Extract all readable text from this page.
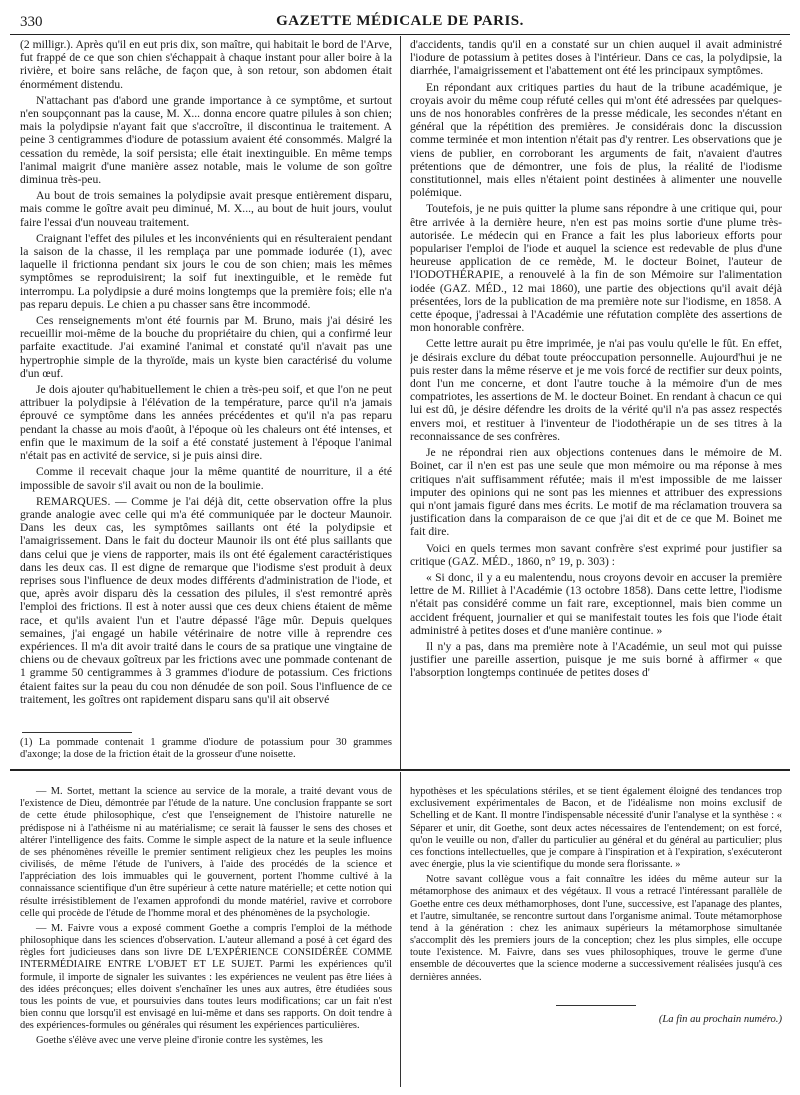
330	GAZETTE MÉDICALE DE PARIS.

(2 milligr.). Après qu'il en eut pris dix, son maître, qui habitait le bord de l'Arve, fut frappé de ce que son chien s'échappait à chaque instant pour aller boire à la rivière, et boire sans relâche, de façon que, à son retour, son abdomen était énormément distendu.

N'attachant pas d'abord une grande importance à ce symptôme, et surtout n'en soupçonnant pas la cause, M. X... donna encore quatre pilules à son chien; mais la polydipsie n'ayant fait que s'accroître, il discontinua le traitement. A peine 3 centigrammes d'iodure de potassium avaient été consommés. Malgré la cessation du remède, la soif persista; elle était inextinguible. En même temps l'animal maigrit d'une manière assez notable, mais le volume de son goître diminua très-peu.

Au bout de trois semaines la polydipsie avait presque entièrement disparu, mais comme le goître avait peu diminué, M. X..., au bout de huit jours, voulut faire l'essai d'un nouveau traitement.

Craignant l'effet des pilules et les inconvénients qui en résulteraient pendant la saison de la chasse, il les remplaça par une pommade iodurée (1), avec laquelle il frictionna pendant six jours le cou de son chien; mais les mêmes symptômes se reproduisirent; la soif fut inextinguible, et le remède fut interrompu. La polydipsie a duré moins longtemps que la première fois; elle n'a pas reparu depuis. Le chien a pu chasser sans être incommodé.

Ces renseignements m'ont été fournis par M. Bruno, mais j'ai désiré les recueillir moi-même de la bouche du propriétaire du chien, qui a confirmé leur parfaite exactitude. J'ai examiné l'animal et constaté qu'il n'avait pas une hypertrophie simple de la thyroïde, mais un kyste bien caractérisé du volume d'un œuf.

Je dois ajouter qu'habituellement le chien a très-peu soif, et que l'on ne peut attribuer la polydipsie à l'élévation de la température, parce qu'il n'a jamais éprouvé ce symptôme dans les années précédentes et qu'il n'a pas reparu pendant la chasse au mois d'août, à l'époque où les chaleurs ont été intenses, et enfin que le maximum de la soif a été constaté justement à l'époque l'animal n'était pas en activité de service, si je puis ainsi dire.

Comme il recevait chaque jour la même quantité de nourriture, il a été impossible de savoir s'il avait ou non de la boulimie.

REMARQUES. — Comme je l'ai déjà dit, cette observation offre la plus grande analogie avec celle qui m'a été communiquée par le docteur Maunoir. Dans les deux cas, les symptômes saillants ont été la polydipsie et l'amaigrissement. Dans le fait du docteur Maunoir ils ont été plus saillants que dans celui que je viens de rapporter, mais ils ont été également caractéristiques dans les deux cas. Il est digne de remarque que l'iodisme s'est produit à deux reprises sous l'influence de deux modes différents d'administration de l'iode, et que, après avoir disparu dès la cessation des pilules, il s'est remontré après l'emploi des frictions. Il est à noter aussi que ces deux chiens étaient de même race, et qu'ils avaient l'un et l'autre dépassé l'âge mûr. Depuis quelques semaines, j'ai engagé un habile vétérinaire de notre ville à reprendre ces expériences. Il m'a dit avoir traité dans le cours de sa pratique une vingtaine de chiens ou de chevaux goîtreux par les frictions avec une pommade contenant de 1 gramme 50 centigrammes à 3 grammes d'iodure de potassium. Ces frictions étaient faites sur la peau du cou non dénudée de son poil. Sous l'influence de ce traitement, les goîtres ont rapidement disparu sans qu'il ait observé

(1) La pommade contenait 1 gramme d'iodure de potassium pour 30 grammes d'axonge; la dose de la friction était de la grosseur d'une noisette.

d'accidents, tandis qu'il en a constaté sur un chien auquel il avait administré l'iodure de potassium à petites doses à l'intérieur. Dans ce cas, la polydipsie, la diarrhée, l'amaigrissement et l'abattement ont été les principaux symptômes.

En répondant aux critiques parties du haut de la tribune académique, je croyais avoir du même coup réfuté celles qui m'ont été adressées par quelques-uns de nos honorables confrères de la presse médicale, les secondes n'étant en général que la répétition des premières. Je considérais donc la discussion comme terminée et mon intention n'était pas d'y rentrer. Les observations que je viens de publier, en corroborant les arguments de fait, n'avaient d'autres prétentions que de démontrer, une fois de plus, la réalité de l'iodisme constitutionnel, mais elles n'étaient point destinées à alimenter une nouvelle polémique.

Toutefois, je ne puis quitter la plume sans répondre à une critique qui, pour être arrivée à la dernière heure, n'en est pas moins sortie d'une plume très-autorisée. Le médecin qui en France a fait les plus laborieux efforts pour populariser l'emploi de l'iode et auquel la science est redevable de plus d'une heureuse application de ce remède, M. le docteur Boinet, l'auteur de l'IODOTHÉRAPIE, a renouvelé à la fin de son Mémoire sur l'alimentation iodée (GAZ. MÉD., 12 mai 1860), une partie des objections qu'il avait déjà présentées, lors de la publication de ma première note sur l'iodisme, en 1858. A cette époque, j'adressai à l'Académie une réfutation complète des assertions de mon honorable confrère.

Cette lettre aurait pu être imprimée, je n'ai pas voulu qu'elle le fût. En effet, je désirais exclure du débat toute préoccupation personnelle. Aujourd'hui je ne puis rester dans la même réserve et je me vois forcé de rectifier sur deux points, dont l'un me concerne, et dont l'autre touche à la mémoire d'un de mes compatriotes, les assertions de M. le docteur Boinet. En rendant à chacun ce qui lui est dû, je désire défendre les droits de la vérité qu'il n'a pas assez respectés envers moi, et restituer à l'inventeur de l'iodothérapie un de ses titres à la reconnaissance de ses confrères.

Je ne répondrai rien aux objections contenues dans le mémoire de M. Boinet, car il n'en est pas une seule que mon mémoire ou ma réponse à mes critiques n'ait suffisamment réfutée; mais il m'est impossible de me laisser imputer des opinions qui ne sont pas les miennes et attribuer des expressions qui n'ont jamais figuré dans mes écrits. Le motif de ma réclamation trouvera sa justification dans la comparaison de ce que j'ai dit et de ce que M. Boinet me fait dire.

Voici en quels termes mon savant confrère s'est exprimé pour justifier sa critique (GAZ. MÉD., 1860, n° 19, p. 303) :

« Si donc, il y a eu malentendu, nous croyons devoir en accuser la première lettre de M. Rilliet à l'Académie (13 octobre 1858). Dans cette lettre, l'iodisme n'était pas considéré comme un fait rare, exceptionnel, mais bien comme un accident fréquent, journalier et qui se manifestait toutes les fois que l'iode était administré à petites doses et d'une manière continue. »

Il n'y a pas, dans ma première note à l'Académie, un seul mot qui puisse justifier une pareille assertion, puisque je me suis borné à affirmer « que l'absorption longtemps continuée de petites doses d'

— M. Sortet, mettant la science au service de la morale, a traité devant vous de l'existence de Dieu, démontrée par l'étude de la nature. Une conclusion frappante se sort de cette étude philosophique, c'est que l'enseignement de l'histoire naturelle ne prédispose ni à l'athéisme ni au matérialisme; ce serait là fausser le sens des choses et altérer l'intelligence des faits. Comme le simple aspect de la nature et la seule influence de ses phénomènes réveille le premier sentiment religieux chez les peuples les moins civilisés, de même l'étude de l'univers, à l'aide des procédés de la science et l'appréciation des lois immuables qui le gouvernent, portent l'homme cultivé à la connaissance scientifique d'un être supérieur à cette nature matérielle; et cette notion qui résulte irrésistiblement de l'examen approfondi du monde matériel, ravive et corrobore celle qui procède de l'étude de l'homme moral et des phénomènes de la psychologie.

— M. Faivre vous a exposé comment Goethe a compris l'emploi de la méthode philosophique dans les sciences d'observation. L'auteur allemand a posé à cet égard des règles fort judicieuses dans son livre DE L'EXPÉRIENCE CONSIDÉRÉE COMME INTERMÉDIAIRE ENTRE L'OBJET ET LE SUJET. Parmi les expériences qu'il formule, il importe de signaler les suivantes : les expériences ne veulent pas être liées à des idées préconçues; elles doivent s'enchaîner les unes aux autres, être étudiées sous tous les points de vue, et poursuivies dans toutes leurs modifications; car un fait n'est bien connu que lorsqu'il est envisagé en lui-même et dans ses rapports. On doit tendre à des expériences-formules ou générales qui résument les expériences particulières.

Goethe s'élève avec une verve pleine d'ironie contre les systèmes, les

hypothèses et les spéculations stériles, et se tient également éloigné des tendances trop exclusivement expérimentales de Bacon, et de l'idéalisme non moins exclusif de Schelling et de Kant. Il montre l'indispensable nécessité d'unir l'analyse et la synthèse : « Séparer et unir, dit Goethe, sont deux actes nécessaires de l'entendement; on est forcé, qu'on le veuille ou non, d'aller du particulier au général et du général au particulier; plus ces fonctions intellectuelles, que je compare à l'inspiration et à l'expiration, s'exécuteront avec énergie, plus la vie scientifique du monde sera florissante. »

Notre savant collègue vous a fait connaître les idées du même auteur sur la métamorphose des animaux et des végétaux. Il vous a retracé l'intéressant parallèle de Goethe entre ces deux méthamorphoses, dont l'une, successive, est l'apanage des plantes, et l'autre, simultanée, se rencontre surtout dans l'organisme animal. Toute métamorphose tend à la génération : chez les animaux supérieurs la métamorphose simultanée s'accomplit dès les premiers jours de la conception; chez les plus simples, elle occupe toute l'existence. M. Faivre, dans ses vues philosophiques, trouve le germe d'une ensemble de découvertes que la science moderne a successivement réalisées jusqu'à ces dernières années.

(La fin au prochain numéro.)
